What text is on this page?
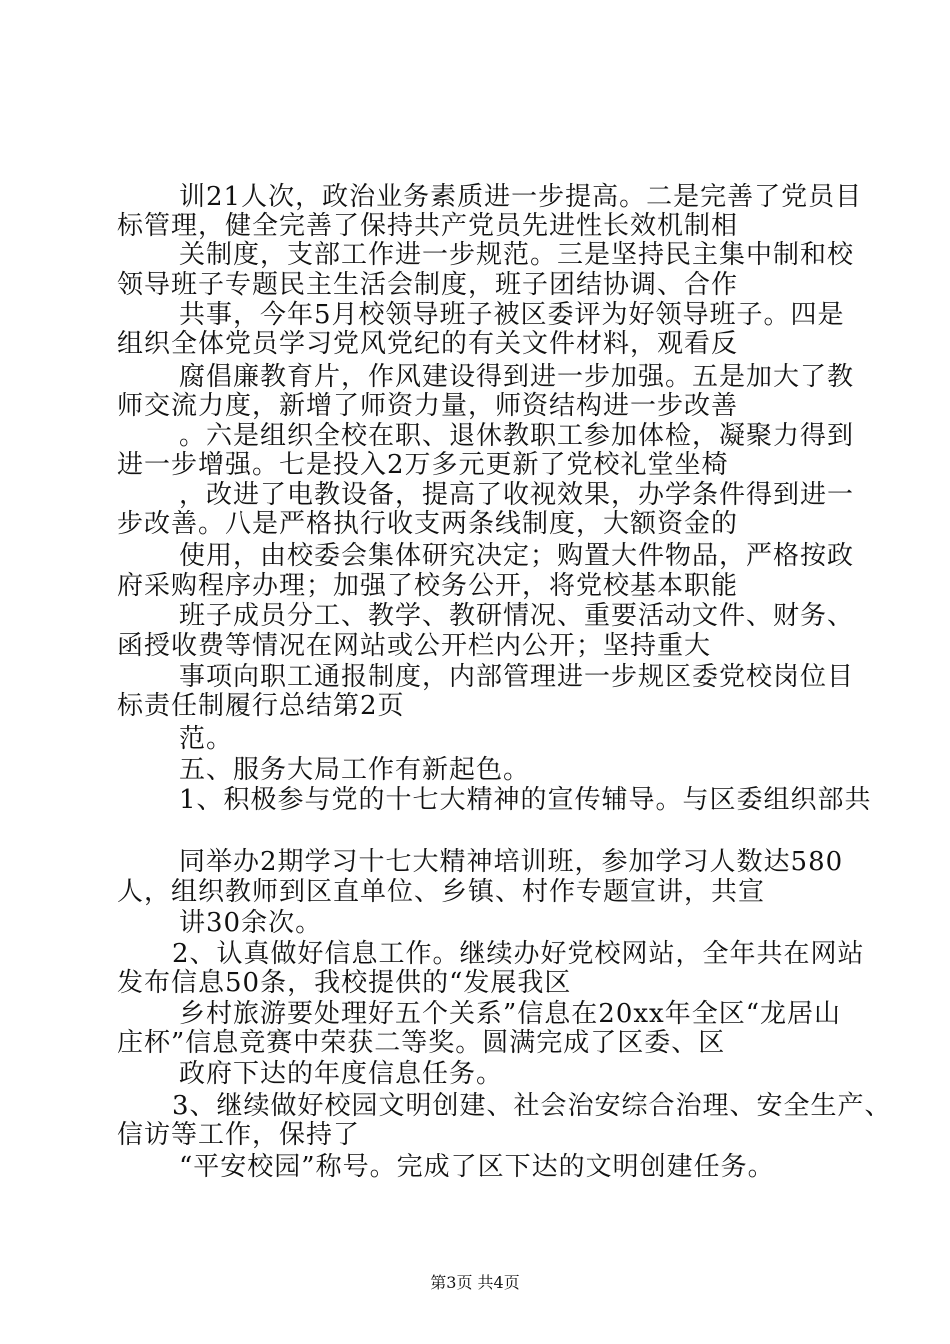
训21人次，政治业务素质进一步提高。二是完善了党员目
标管理，健全完善了保持共产党员先进性长效机制相
关制度，支部工作进一步规范。三是坚持民主集中制和校
领导班子专题民主生活会制度，班子团结协调、合作
共事，今年5月校领导班子被区委评为好领导班子。四是
组织全体党员学习党风党纪的有关文件材料，观看反
腐倡廉教育片，作风建设得到进一步加强。五是加大了教
师交流力度，新增了师资力量，师资结构进一步改善
。六是组织全校在职、退休教职工参加体检，凝聚力得到
进一步增强。七是投入2万多元更新了党校礼堂坐椅
，改进了电教设备，提高了收视效果，办学条件得到进一
步改善。八是严格执行收支两条线制度，大额资金的
使用，由校委会集体研究决定；购置大件物品，严格按政
府采购程序办理；加强了校务公开，将党校基本职能
班子成员分工、教学、教研情况、重要活动文件、财务、
函授收费等情况在网站或公开栏内公开；坚持重大
事项向职工通报制度，内部管理进一步规区委党校岗位目
标责任制履行总结第2页
范。
五、服务大局工作有新起色。
1、积极参与党的十七大精神的宣传辅导。与区委组织部共
同举办2期学习十七大精神培训班，参加学习人数达580
人，组织教师到区直单位、乡镇、村作专题宣讲，共宣
讲30余次。
2、认真做好信息工作。继续办好党校网站，全年共在网站
发布信息50条，我校提供的“发展我区
乡村旅游要处理好五个关系”信息在20xx年全区“龙居山
庄杯”信息竞赛中荣获二等奖。圆满完成了区委、区
政府下达的年度信息任务。
3、继续做好校园文明创建、社会治安综合治理、安全生产、
信访等工作，保持了
“平安校园”称号。完成了区下达的文明创建任务。
第3页 共4页
